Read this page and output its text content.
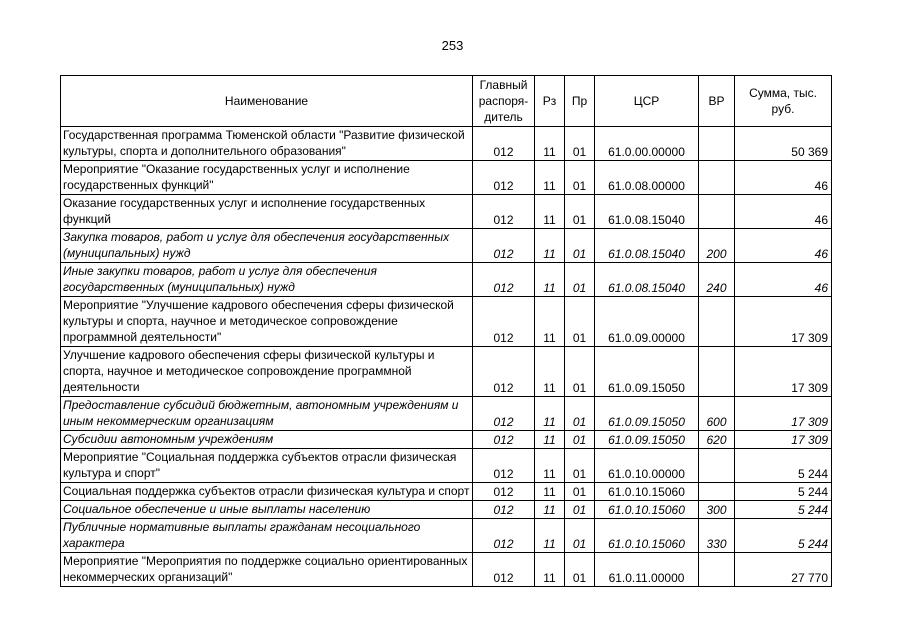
253
Наименование	Главный распоря-дитель	Рз	Пр	ЦСР	ВР	Сумма, тыс. руб.
Государственная программа Тюменской области "Развитие физической культуры, спорта и дополнительного образования"	012	11	01	61.0.00.00000		50 369
Мероприятие "Оказание государственных услуг и исполнение государственных функций"	012	11	01	61.0.08.00000		46
Оказание государственных услуг и исполнение государственных функций	012	11	01	61.0.08.15040		46
Закупка товаров, работ и услуг для обеспечения государственных (муниципальных) нужд	012	11	01	61.0.08.15040	200	46
Иные закупки товаров, работ и услуг для обеспечения государственных (муниципальных) нужд	012	11	01	61.0.08.15040	240	46
Мероприятие "Улучшение кадрового обеспечения сферы физической культуры и спорта, научное и методическое сопровождение программной деятельности"	012	11	01	61.0.09.00000		17 309
Улучшение кадрового обеспечения сферы физической культуры и спорта, научное и методическое сопровождение программной деятельности	012	11	01	61.0.09.15050		17 309
Предоставление субсидий бюджетным, автономным учреждениям и иным некоммерческим организациям	012	11	01	61.0.09.15050	600	17 309
Субсидии автономным учреждениям	012	11	01	61.0.09.15050	620	17 309
Мероприятие "Социальная поддержка субъектов отрасли физическая культура и спорт"	012	11	01	61.0.10.00000		5 244
Социальная поддержка субъектов отрасли физическая культура и спорт	012	11	01	61.0.10.15060		5 244
Социальное обеспечение и иные выплаты населению	012	11	01	61.0.10.15060	300	5 244
Публичные нормативные выплаты гражданам несоциального характера	012	11	01	61.0.10.15060	330	5 244
Мероприятие "Мероприятия по поддержке социально ориентированных некоммерческих организаций"	012	11	01	61.0.11.00000		27 770
